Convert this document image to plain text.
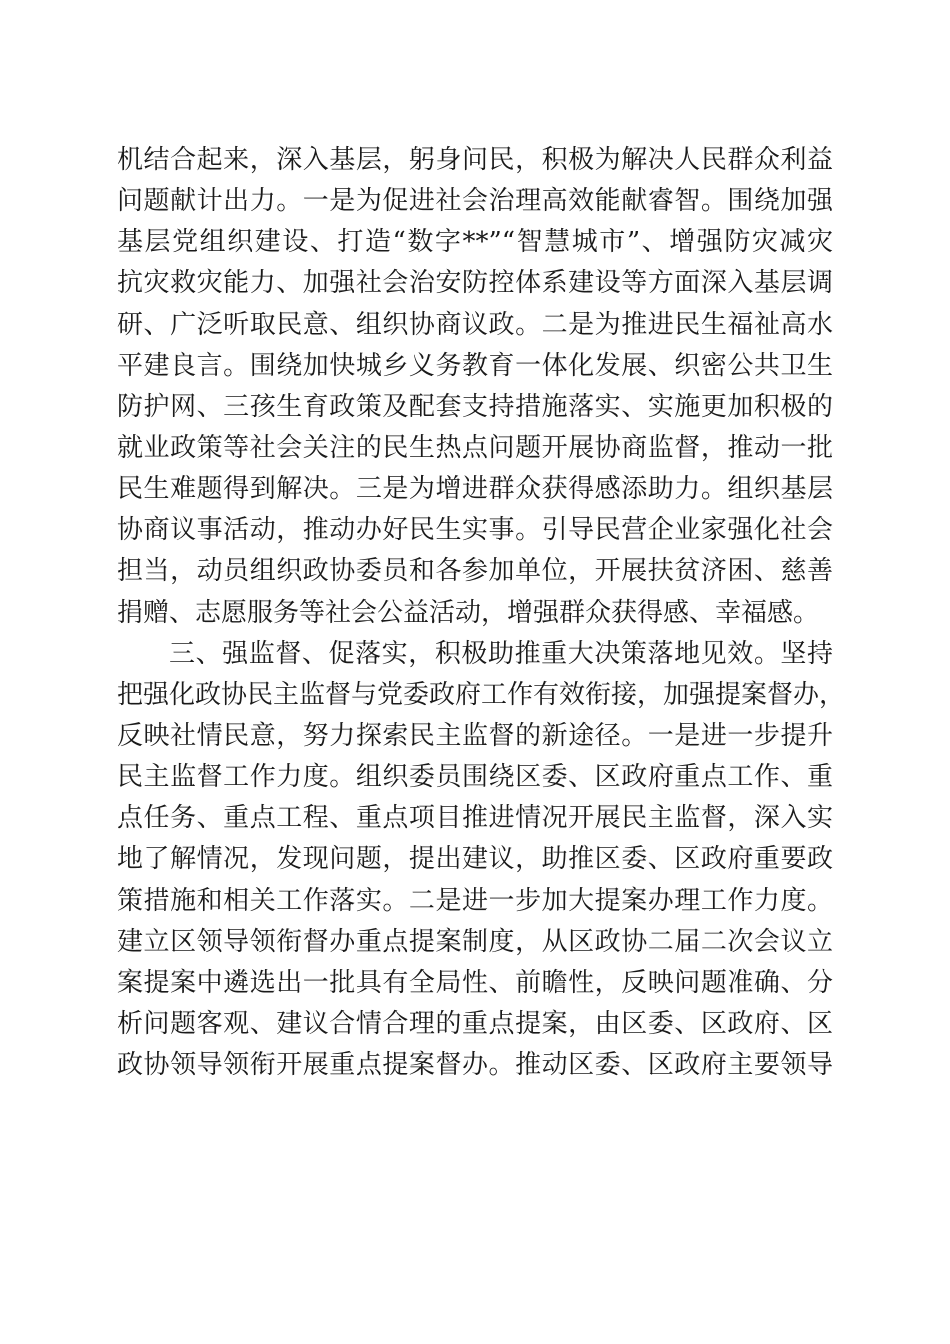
机结合起来，深入基层，躬身问民，积极为解决人民群众利益
问题献计出力。一是为促进社会治理高效能献睿智。围绕加强
基层党组织建设、打造“数字**”“智慧城市”、增强防灾减灾
抗灾救灾能力、加强社会治安防控体系建设等方面深入基层调
研、广泛听取民意、组织协商议政。二是为推进民生福祉高水
平建良言。围绕加快城乡义务教育一体化发展、织密公共卫生
防护网、三孩生育政策及配套支持措施落实、实施更加积极的
就业政策等社会关注的民生热点问题开展协商监督，推动一批
民生难题得到解决。三是为增进群众获得感添助力。组织基层
协商议事活动，推动办好民生实事。引导民营企业家强化社会
担当，动员组织政协委员和各参加单位，开展扶贫济困、慈善
捐赠、志愿服务等社会公益活动，增强群众获得感、幸福感。
三、强监督、促落实，积极助推重大决策落地见效。坚持
把强化政协民主监督与党委政府工作有效衔接，加强提案督办，
反映社情民意，努力探索民主监督的新途径。一是进一步提升
民主监督工作力度。组织委员围绕区委、区政府重点工作、重
点任务、重点工程、重点项目推进情况开展民主监督，深入实
地了解情况，发现问题，提出建议，助推区委、区政府重要政
策措施和相关工作落实。二是进一步加大提案办理工作力度。
建立区领导领衔督办重点提案制度，从区政协二届二次会议立
案提案中遴选出一批具有全局性、前瞻性，反映问题准确、分
析问题客观、建议合情合理的重点提案，由区委、区政府、区
政协领导领衔开展重点提案督办。推动区委、区政府主要领导
